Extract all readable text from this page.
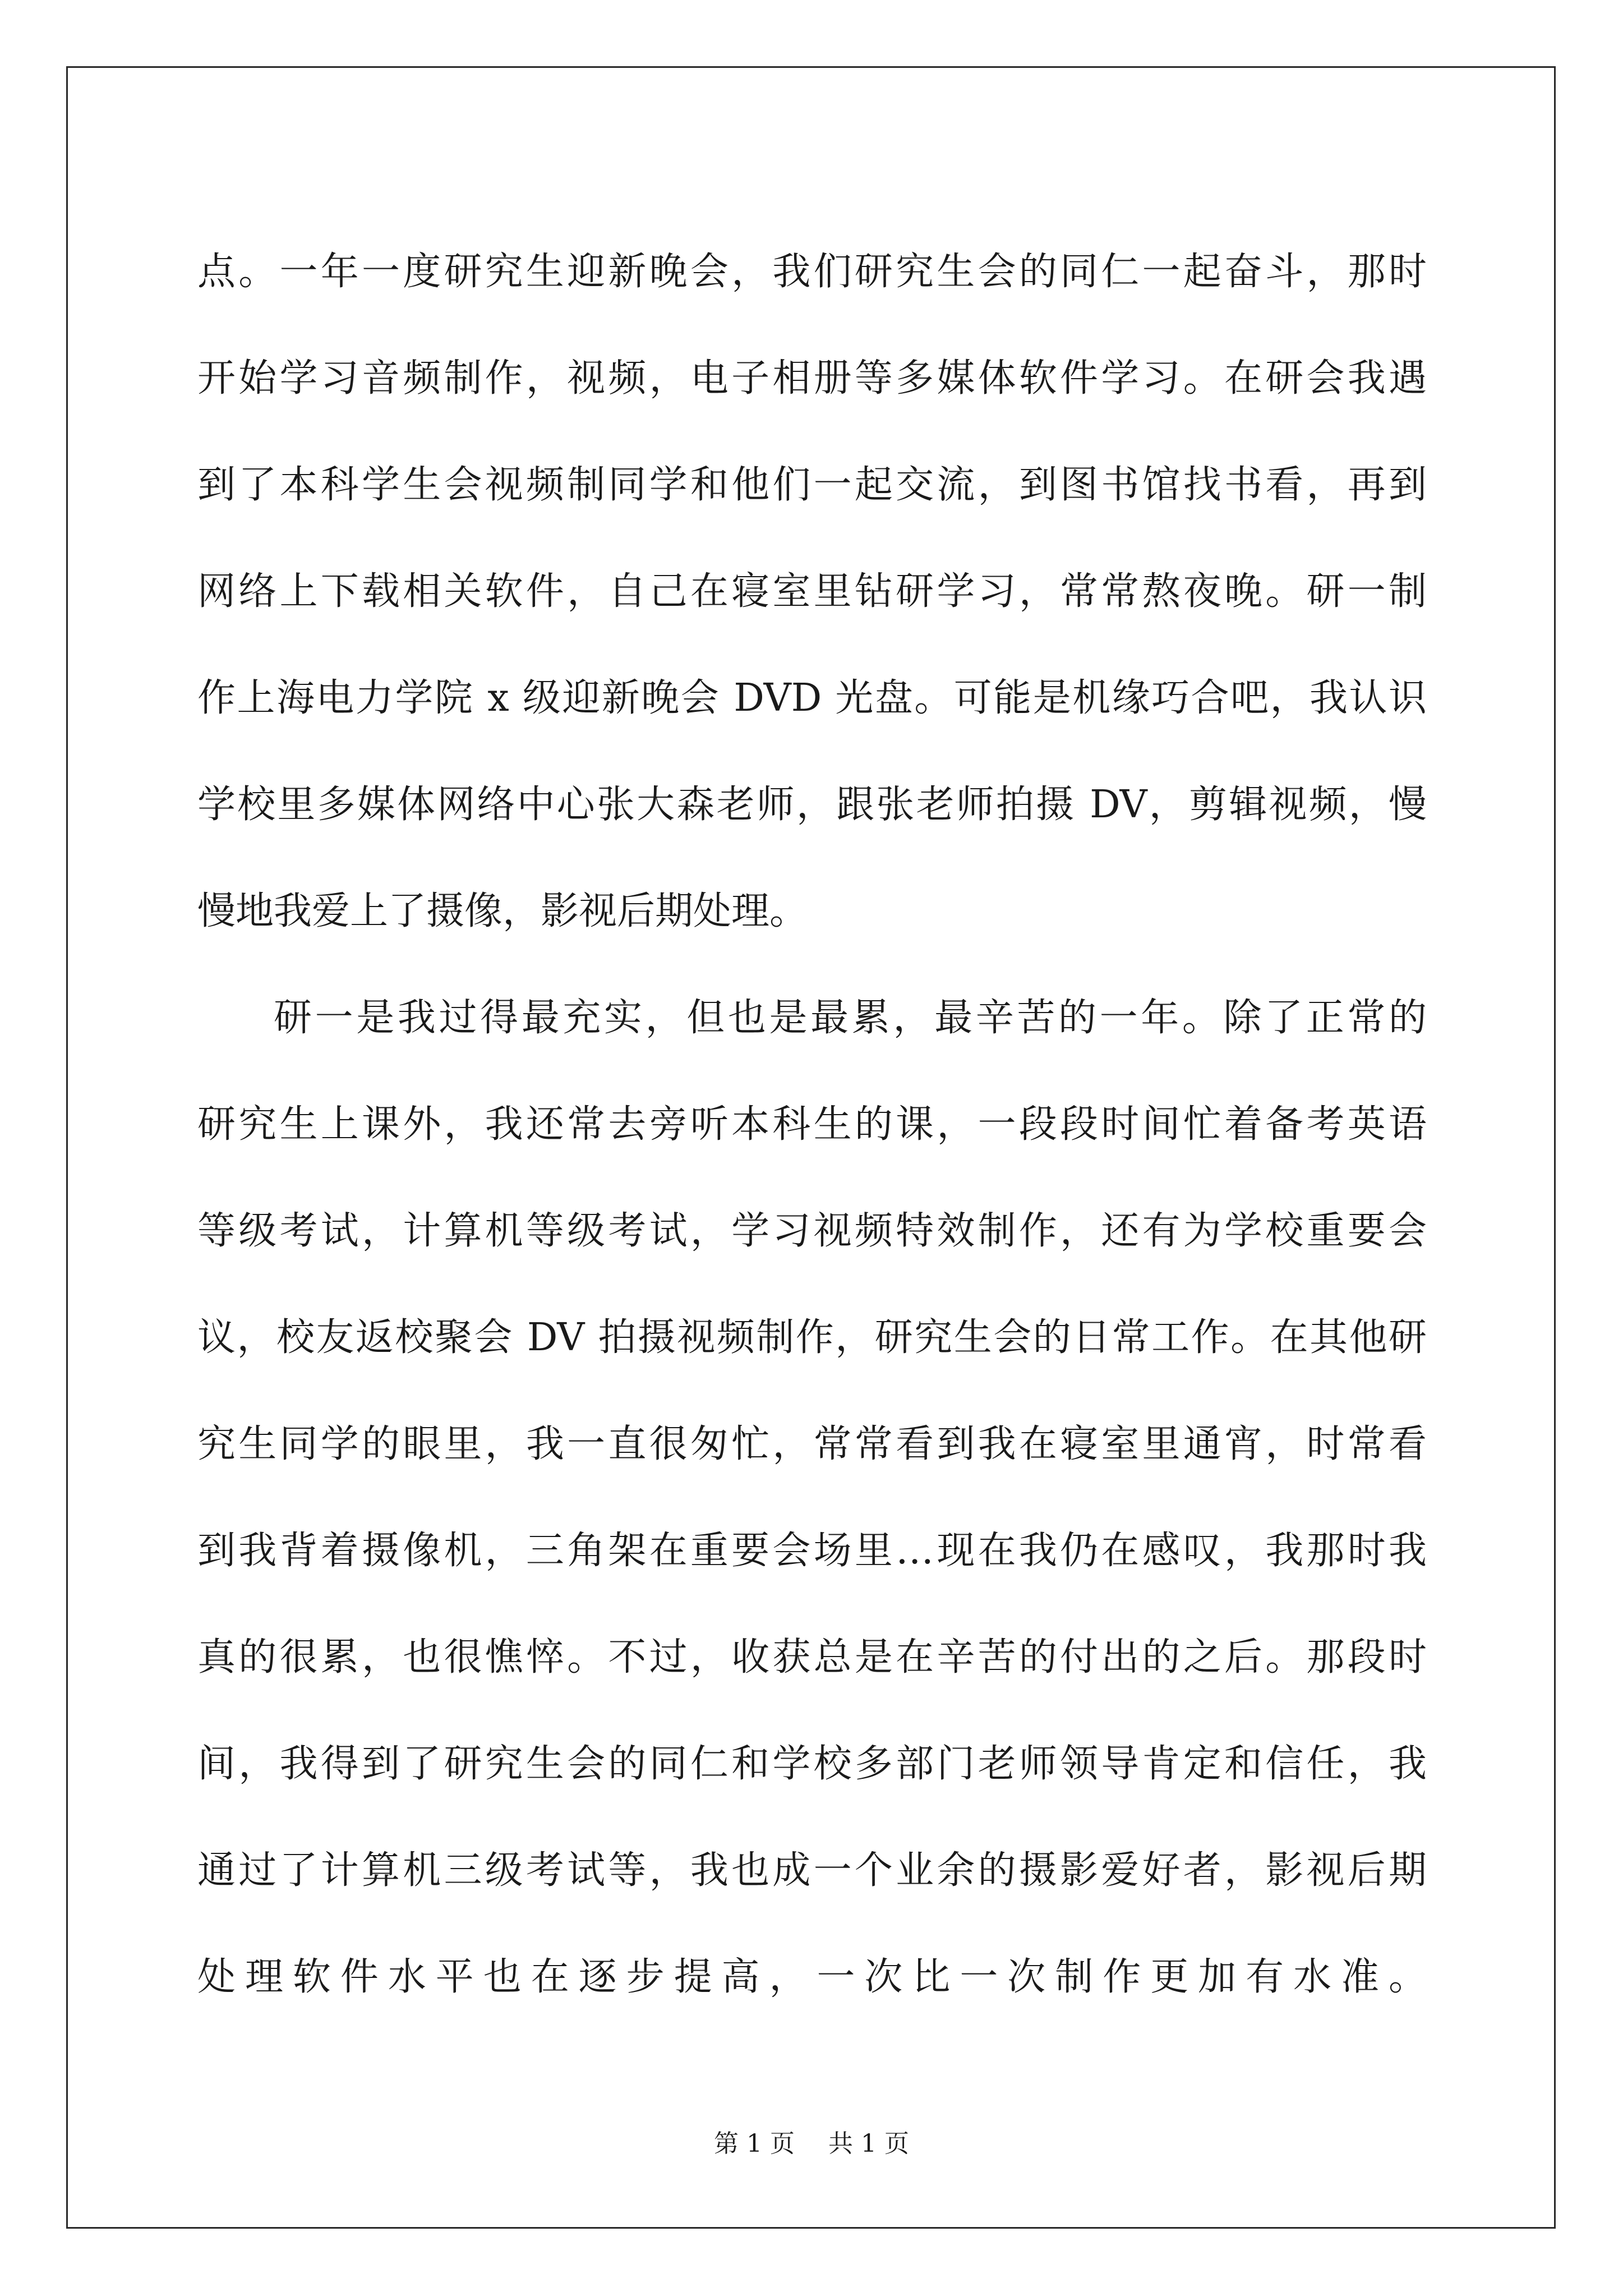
点。一年一度研究生迎新晚会，我们研究生会的同仁一起奋斗，那时
开始学习音频制作，视频，电子相册等多媒体软件学习。在研会我遇
到了本科学生会视频制同学和他们一起交流，到图书馆找书看，再到
网络上下载相关软件，自己在寝室里钻研学习，常常熬夜晚。研一制
作上海电力学院 x 级迎新晚会 DVD 光盘。可能是机缘巧合吧，我认识
学校里多媒体网络中心张大森老师，跟张老师拍摄 DV，剪辑视频，慢
慢地我爱上了摄像，影视后期处理。

研一是我过得最充实，但也是最累，最辛苦的一年。除了正常的
研究生上课外，我还常去旁听本科生的课，一段段时间忙着备考英语
等级考试，计算机等级考试，学习视频特效制作，还有为学校重要会
议，校友返校聚会 DV 拍摄视频制作，研究生会的日常工作。在其他研
究生同学的眼里，我一直很匆忙，常常看到我在寝室里通宵，时常看
到我背着摄像机，三角架在重要会场里…现在我仍在感叹，我那时我
真的很累，也很憔悴。不过，收获总是在辛苦的付出的之后。那段时
间，我得到了研究生会的同仁和学校多部门老师领导肯定和信任，我
通过了计算机三级考试等，我也成一个业余的摄影爱好者，影视后期
处理软件水平也在逐步提高，一次比一次制作更加有水准。

第 1 页 共 1 页
